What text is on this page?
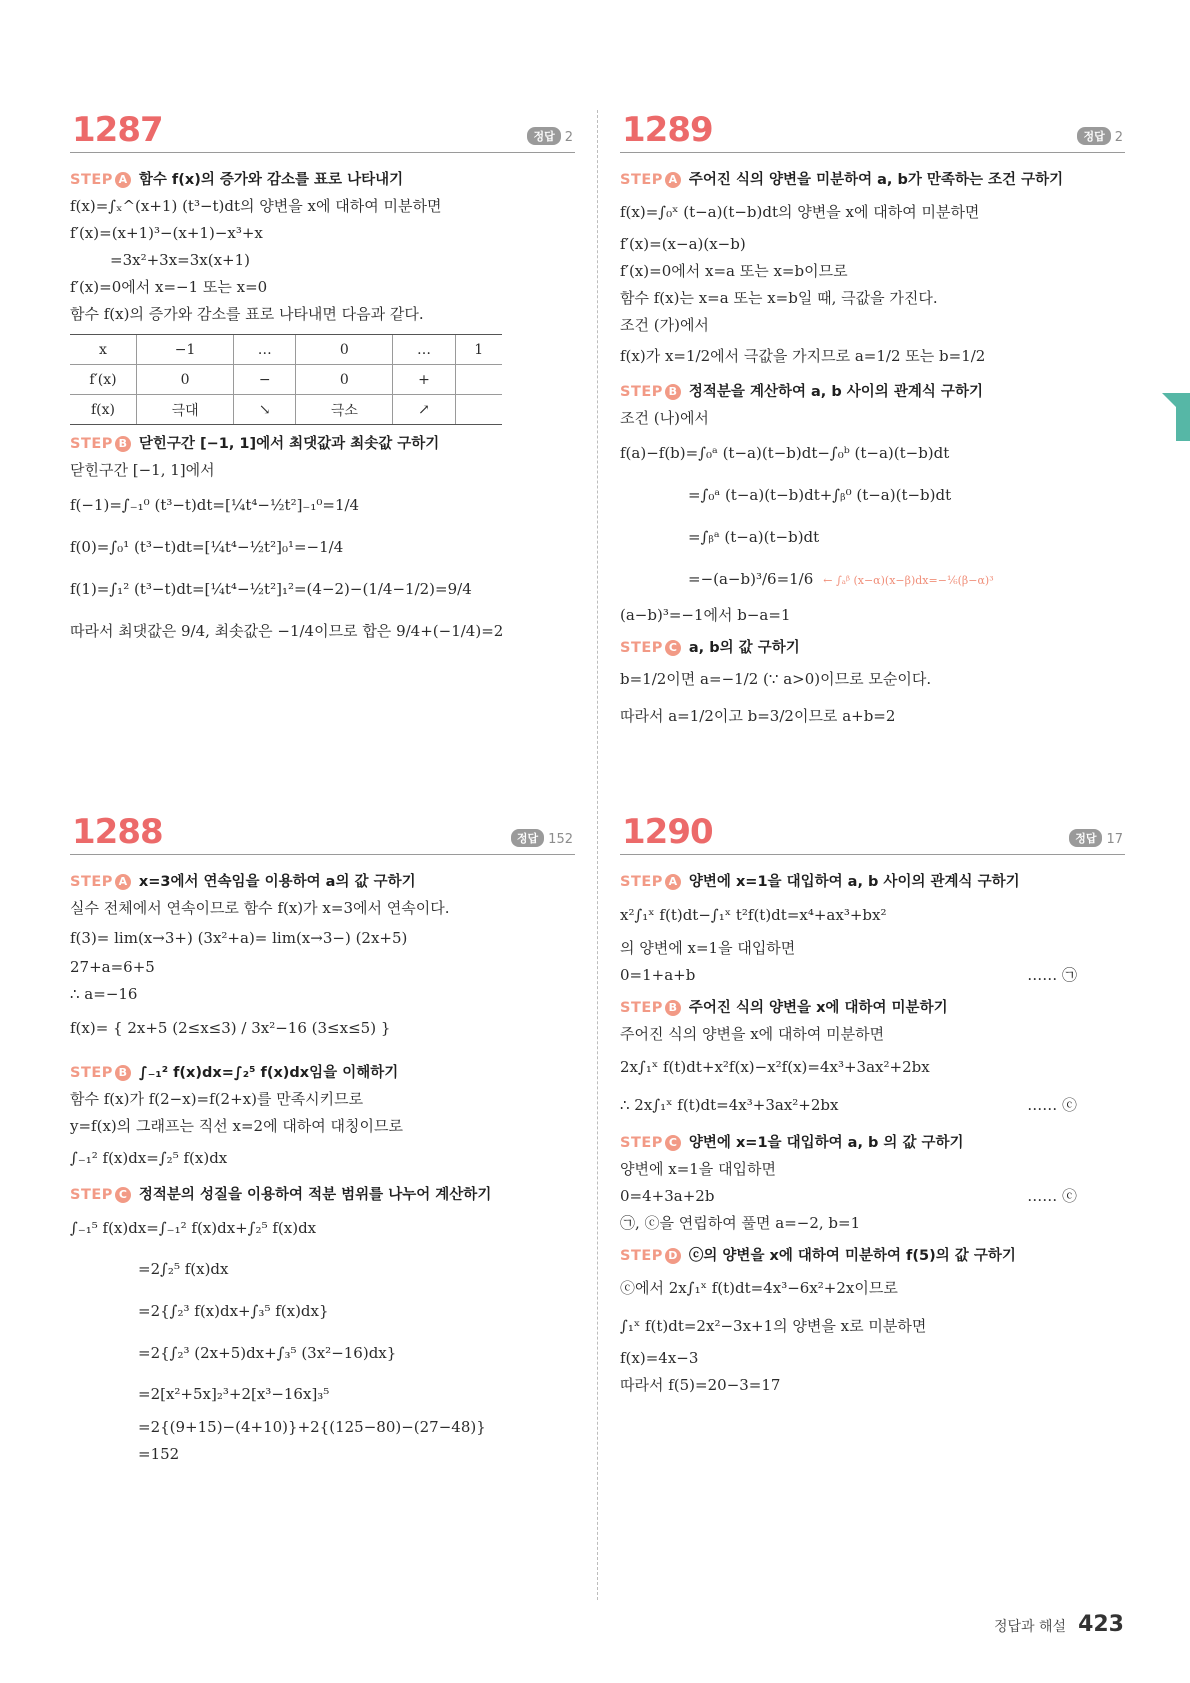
1287	정답 2
STEP A 함수 f(x)의 증가와 감소를 표로 나타내기
f(x)=∫ₓ^(x+1) (t³−t)dt의 양변을 x에 대하여 미분하면
f′(x)=(x+1)³−(x+1)−x³+x
=3x²+3x=3x(x+1)
f′(x)=0에서 x=−1 또는 x=0
함수 f(x)의 증가와 감소를 표로 나타내면 다음과 같다.
x	−1	…	0	…	1
f′(x)	0	−	0	+	
f(x)	극대	↘	극소	↗	
STEP B 닫힌구간 [−1, 1]에서 최댓값과 최솟값 구하기
닫힌구간 [−1, 1]에서
f(−1)=∫₋₁⁰ (t³−t)dt=[¼t⁴−½t²]₋₁⁰=1/4
f(0)=∫₀¹ (t³−t)dt=[¼t⁴−½t²]₀¹=−1/4
f(1)=∫₁² (t³−t)dt=[¼t⁴−½t²]₁²=(4−2)−(1/4−1/2)=9/4
따라서 최댓값은 9/4, 최솟값은 −1/4이므로 합은 9/4+(−1/4)=2
1289	정답 2
STEP A 주어진 식의 양변을 미분하여 a, b가 만족하는 조건 구하기
f(x)=∫₀ˣ (t−a)(t−b)dt의 양변을 x에 대하여 미분하면
f′(x)=(x−a)(x−b)
f′(x)=0에서 x=a 또는 x=b이므로
함수 f(x)는 x=a 또는 x=b일 때, 극값을 가진다.
조건 (가)에서
f(x)가 x=1/2에서 극값을 가지므로 a=1/2 또는 b=1/2
STEP B 정적분을 계산하여 a, b 사이의 관계식 구하기
조건 (나)에서
f(a)−f(b)=∫₀ᵃ (t−a)(t−b)dt−∫₀ᵇ (t−a)(t−b)dt
=∫₀ᵃ (t−a)(t−b)dt+∫ᵦ⁰ (t−a)(t−b)dt
=∫ᵦᵃ (t−a)(t−b)dt
=−(a−b)³/6=1/6 ← ∫ₐᵝ (x−α)(x−β)dx=−⅙(β−α)³
(a−b)³=−1에서 b−a=1
STEP C a, b의 값 구하기
b=1/2이면 a=−1/2 (∵ a>0)이므로 모순이다.
따라서 a=1/2이고 b=3/2이므로 a+b=2
1288	정답 152
STEP A x=3에서 연속임을 이용하여 a의 값 구하기
실수 전체에서 연속이므로 함수 f(x)가 x=3에서 연속이다.
f(3)= lim(x→3+) (3x²+a)= lim(x→3−) (2x+5)
27+a=6+5
∴ a=−16
f(x)= { 2x+5 (2≤x≤3) / 3x²−16 (3≤x≤5) }
STEP B ∫₋₁² f(x)dx=∫₂⁵ f(x)dx임을 이해하기
함수 f(x)가 f(2−x)=f(2+x)를 만족시키므로
y=f(x)의 그래프는 직선 x=2에 대하여 대칭이므로
∫₋₁² f(x)dx=∫₂⁵ f(x)dx
STEP C 정적분의 성질을 이용하여 적분 범위를 나누어 계산하기
∫₋₁⁵ f(x)dx=∫₋₁² f(x)dx+∫₂⁵ f(x)dx
=2∫₂⁵ f(x)dx
=2{∫₂³ f(x)dx+∫₃⁵ f(x)dx}
=2{∫₂³ (2x+5)dx+∫₃⁵ (3x²−16)dx}
=2[x²+5x]₂³+2[x³−16x]₃⁵
=2{(9+15)−(4+10)}+2{(125−80)−(27−48)}
=152
1290	정답 17
STEP A 양변에 x=1을 대입하여 a, b 사이의 관계식 구하기
x²∫₁ˣ f(t)dt−∫₁ˣ t²f(t)dt=x⁴+ax³+bx²
의 양변에 x=1을 대입하면
0=1+a+b	…… ㉠
STEP B 주어진 식의 양변을 x에 대하여 미분하기
주어진 식의 양변을 x에 대하여 미분하면
2x∫₁ˣ f(t)dt+x²f(x)−x²f(x)=4x³+3ax²+2bx
∴ 2x∫₁ˣ f(t)dt=4x³+3ax²+2bx	…… ⓒ
STEP C 양변에 x=1을 대입하여 a, b 의 값 구하기
양변에 x=1을 대입하면
0=4+3a+2b	…… ⓒ
㉠, ⓒ을 연립하여 풀면 a=−2, b=1
STEP D ⓒ의 양변을 x에 대하여 미분하여 f(5)의 값 구하기
ⓒ에서 2x∫₁ˣ f(t)dt=4x³−6x²+2x이므로
∫₁ˣ f(t)dt=2x²−3x+1의 양변을 x로 미분하면
f(x)=4x−3
따라서 f(5)=20−3=17
정답과 해설 423
